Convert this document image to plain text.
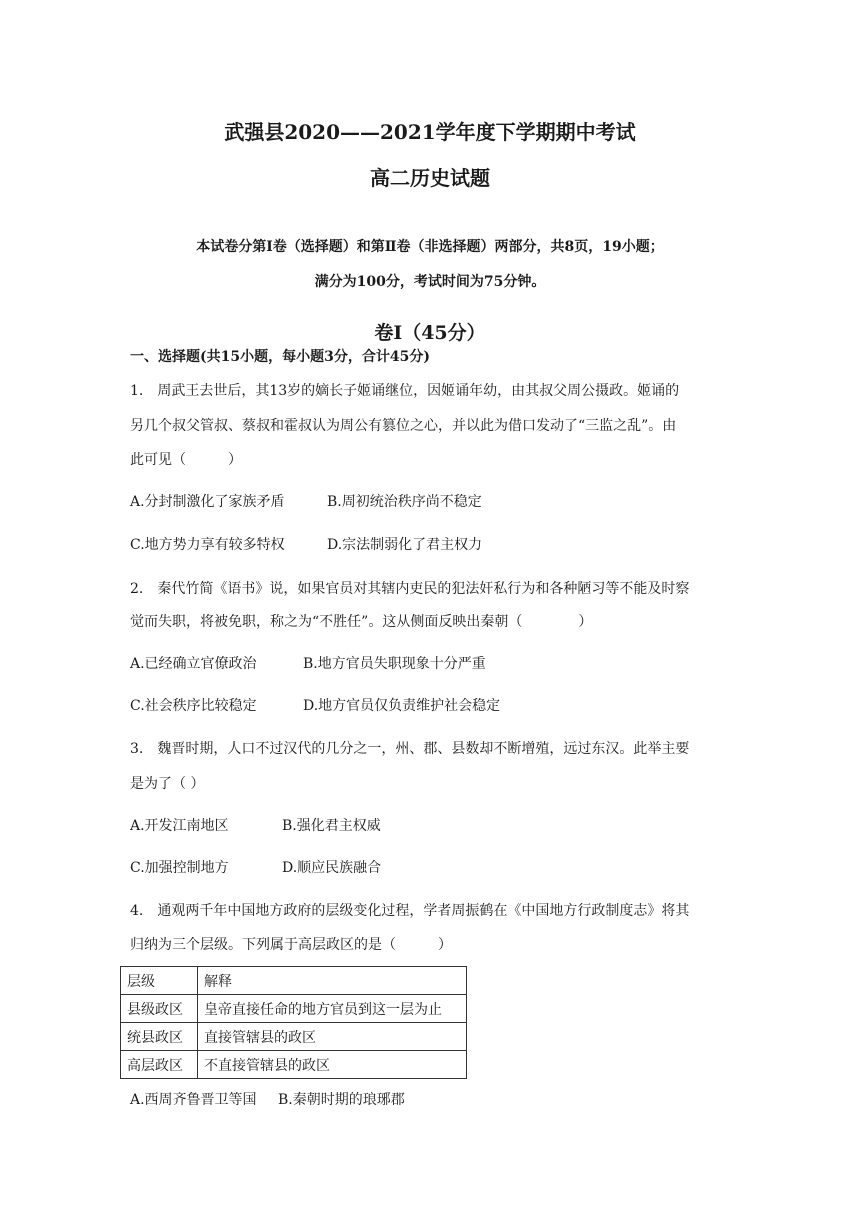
武强县2020——2021学年度下学期期中考试
高二历史试题
本试卷分第Ⅰ卷（选择题）和第Ⅱ卷（非选择题）两部分，共8页，19小题；
满分为100分，考试时间为75分钟。
卷Ⅰ（45分）
一、选择题(共15小题，每小题3分，合计45分)
1.　周武王去世后，其13岁的嫡长子姬诵继位，因姬诵年幼，由其叔父周公摄政。姬诵的
另几个叔父管叔、蔡叔和霍叔认为周公有篡位之心，并以此为借口发动了“三监之乱”。由
此可见（　　　）
A.分封制激化了家族矛盾	B.周初统治秩序尚不稳定
C.地方势力享有较多特权	D.宗法制弱化了君主权力
2.　秦代竹简《语书》说，如果官员对其辖内吏民的犯法奸私行为和各种陋习等不能及时察
觉而失职，将被免职，称之为“不胜任”。这从侧面反映出秦朝（　　　　）
A.已经确立官僚政治	B.地方官员失职现象十分严重
C.社会秩序比较稳定	D.地方官员仅负责维护社会稳定
3.　魏晋时期，人口不过汉代的几分之一，州、郡、县数却不断增殖，远过东汉。此举主要
是为了（ ）
A.开发江南地区	B.强化君主权威
C.加强控制地方	D.顺应民族融合
4.　通观两千年中国地方政府的层级变化过程，学者周振鹤在《中国地方行政制度志》将其
归纳为三个层级。下列属于高层政区的是（　　　）
层级	解释
县级政区	皇帝直接任命的地方官员到这一层为止
统县政区	直接管辖县的政区
高层政区	不直接管辖县的政区
A.西周齐鲁晋卫等国 B.秦朝时期的琅琊郡
